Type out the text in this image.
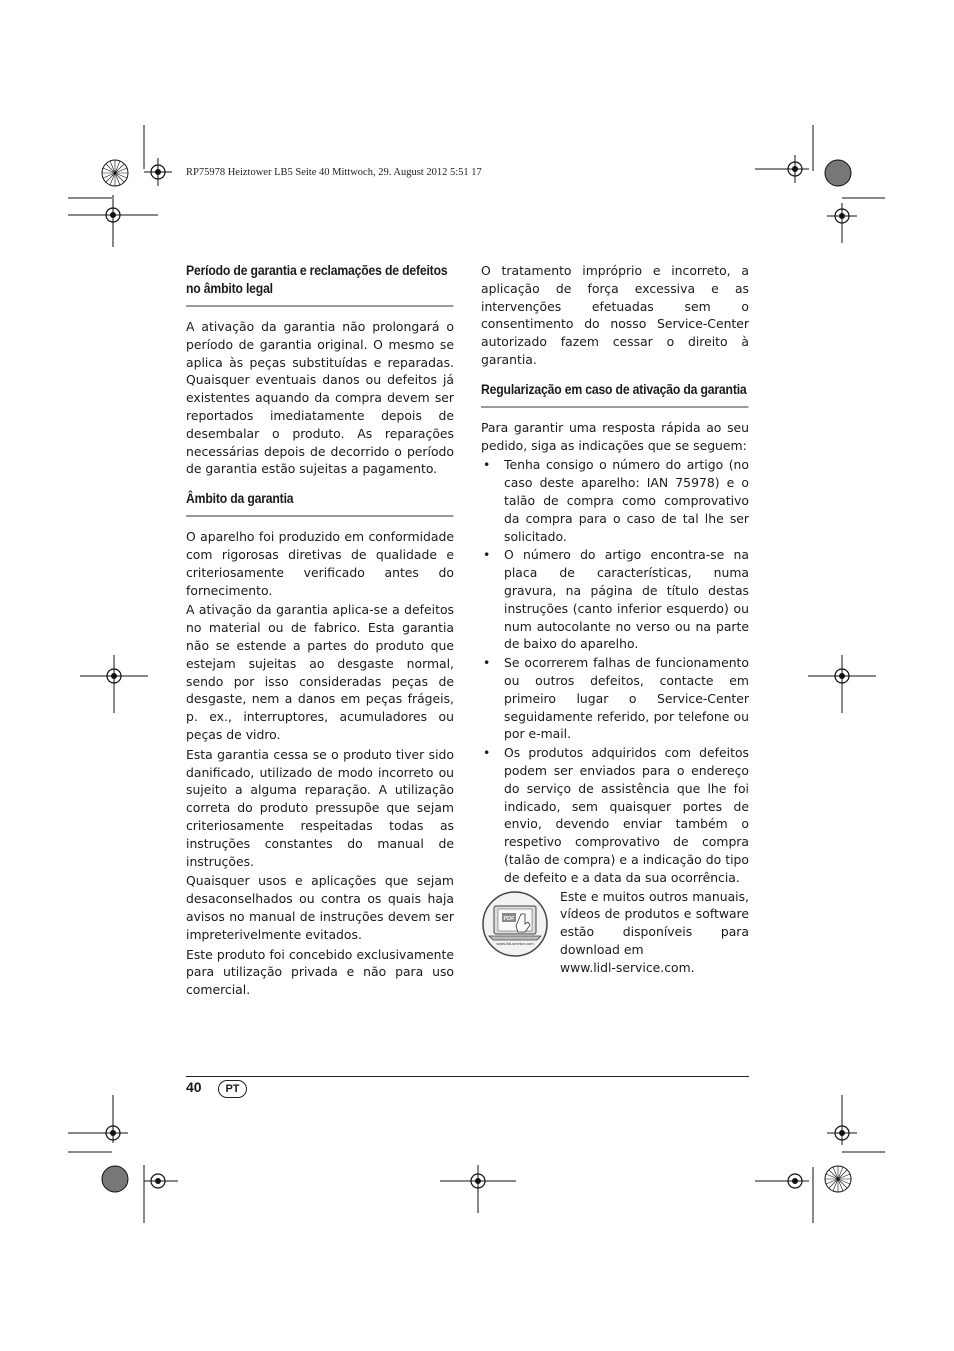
RP75978 Heiztower LB5 Seite 40 Mittwoch, 29. August 2012 5:51 17
Período de garantia e reclamações de defeitos no âmbito legal

A ativação da garantia não prolongará o período de garantia original. O mesmo se aplica às peças substituídas e reparadas. Quaisquer eventuais danos ou defeitos já existentes aquando da compra devem ser reportados imediatamente depois de desembalar o produto. As reparações necessárias depois de decorrido o período de garantia estão sujeitas a pagamento.

Âmbito da garantia

O aparelho foi produzido em conformidade com rigorosas diretivas de qualidade e criteriosamente verificado antes do fornecimento.

A ativação da garantia aplica-se a defeitos no material ou de fabrico. Esta garantia não se estende a partes do produto que estejam sujeitas ao desgaste normal, sendo por isso consideradas peças de desgaste, nem a danos em peças frágeis, p. ex., interruptores, acumuladores ou peças de vidro.

Esta garantia cessa se o produto tiver sido danificado, utilizado de modo incorreto ou sujeito a alguma reparação. A utilização correta do produto pressupõe que sejam criteriosamente respeitadas todas as instruções constantes do manual de instruções.

Quaisquer usos e aplicações que sejam desaconselhados ou contra os quais haja avisos no manual de instruções devem ser impreterivelmente evitados.

Este produto foi concebido exclusivamente para utilização privada e não para uso comercial.

O tratamento impróprio e incorreto, a aplicação de força excessiva e as intervenções efetuadas sem o consentimento do nosso Service-Center autorizado fazem cessar o direito à garantia.

Regularização em caso de ativação da garantia

Para garantir uma resposta rápida ao seu pedido, siga as indicações que se seguem:

• Tenha consigo o número do artigo (no caso deste aparelho: IAN 75978) e o talão de compra como comprovativo da compra para o caso de tal lhe ser solicitado.
• O número do artigo encontra-se na placa de características, numa gravura, na página de título destas instruções (canto inferior esquerdo) ou num autocolante no verso ou na parte de baixo do aparelho.
• Se ocorrerem falhas de funcionamento ou outros defeitos, contacte em primeiro lugar o Service-Center seguidamente referido, por telefone ou por e-mail.
• Os produtos adquiridos com defeitos podem ser enviados para o endereço do serviço de assistência que lhe foi indicado, sem quaisquer portes de envio, devendo enviar também o respetivo comprovativo de compra (talão de compra) e a indicação do tipo de defeito e a data da sua ocorrência.
PDF
www.lidl-service.com
Este e muitos outros manuais, vídeos de produtos e software estão disponíveis para download em
www.lidl-service.com.
40	PT
